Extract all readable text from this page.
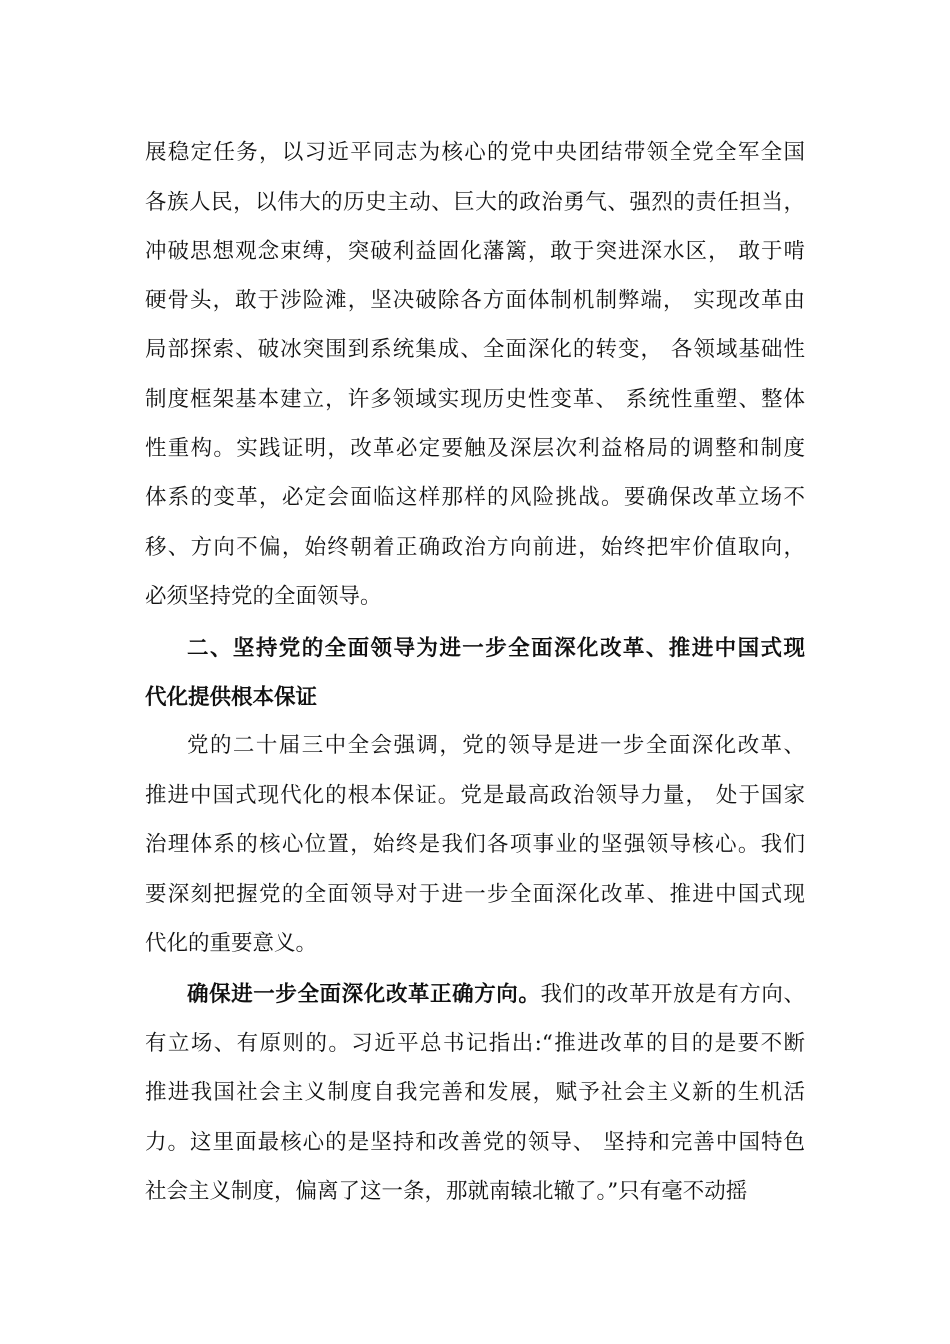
展稳定任务，以习近平同志为核心的党中央团结带领全党全军全国
各族人民，以伟大的历史主动、巨大的政治勇气、强烈的责任担当，
冲破思想观念束缚，突破利益固化藩篱，敢于突进深水区， 敢于啃
硬骨头，敢于涉险滩，坚决破除各方面体制机制弊端， 实现改革由
局部探索、破冰突围到系统集成、全面深化的转变， 各领域基础性
制度框架基本建立，许多领域实现历史性变革、 系统性重塑、整体
性重构。实践证明，改革必定要触及深层次利益格局的调整和制度
体系的变革，必定会面临这样那样的风险挑战。要确保改革立场不
移、方向不偏，始终朝着正确政治方向前进，始终把牢价值取向，
必须坚持党的全面领导。
二、坚持党的全面领导为进一步全面深化改革、推进中国式现
代化提供根本保证
党的二十届三中全会强调，党的领导是进一步全面深化改革、
推进中国式现代化的根本保证。党是最高政治领导力量， 处于国家
治理体系的核心位置，始终是我们各项事业的坚强领导核心。我们
要深刻把握党的全面领导对于进一步全面深化改革、推进中国式现
代化的重要意义。
确保进一步全面深化改革正确方向。我们的改革开放是有方向、
有立场、有原则的。习近平总书记指出:“推进改革的目的是要不断
推进我国社会主义制度自我完善和发展，赋予社会主义新的生机活
力。这里面最核心的是坚持和改善党的领导、 坚持和完善中国特色
社会主义制度，偏离了这一条，那就南辕北辙了。”只有毫不动摇
